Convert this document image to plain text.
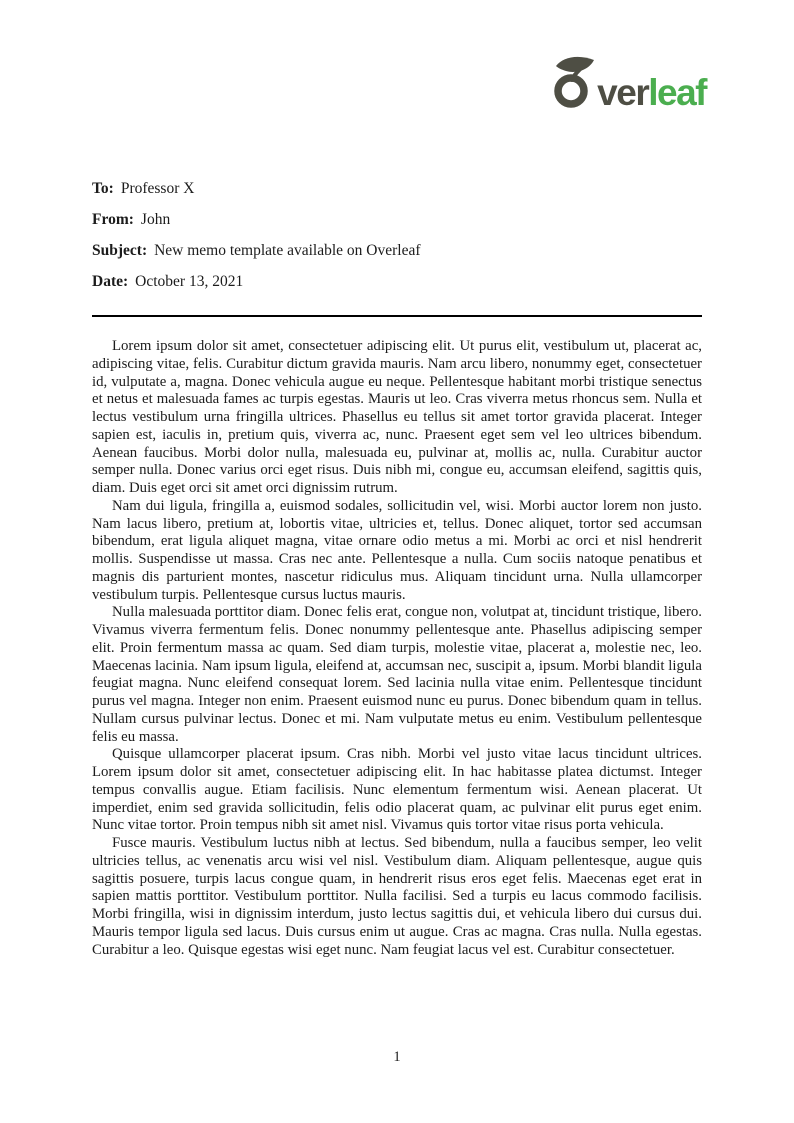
ver leaf
To: Professor X
From: John
Subject: New memo template available on Overleaf
Date: October 13, 2021

Lorem ipsum dolor sit amet, consectetuer adipiscing elit. Ut purus elit, vestibulum ut, placerat ac, adipiscing vitae, felis. Curabitur dictum gravida mauris. Nam arcu libero, nonummy eget, consectetuer id, vulputate a, magna. Donec vehicula augue eu neque. Pellentesque habitant morbi tristique senectus et netus et malesuada fames ac turpis egestas. Mauris ut leo. Cras viverra metus rhoncus sem. Nulla et lectus vestibulum urna fringilla ultrices. Phasellus eu tellus sit amet tortor gravida placerat. Integer sapien est, iaculis in, pretium quis, viverra ac, nunc. Praesent eget sem vel leo ultrices bibendum. Aenean faucibus. Morbi dolor nulla, malesuada eu, pulvinar at, mollis ac, nulla. Curabitur auctor semper nulla. Donec varius orci eget risus. Duis nibh mi, congue eu, accumsan eleifend, sagittis quis, diam. Duis eget orci sit amet orci dignissim rutrum.

Nam dui ligula, fringilla a, euismod sodales, sollicitudin vel, wisi. Morbi auctor lorem non justo. Nam lacus libero, pretium at, lobortis vitae, ultricies et, tellus. Donec aliquet, tortor sed accumsan bibendum, erat ligula aliquet magna, vitae ornare odio metus a mi. Morbi ac orci et nisl hendrerit mollis. Suspendisse ut massa. Cras nec ante. Pellentesque a nulla. Cum sociis natoque penatibus et magnis dis parturient montes, nascetur ridiculus mus. Aliquam tincidunt urna. Nulla ullamcorper vestibulum turpis. Pellentesque cursus luctus mauris.

Nulla malesuada porttitor diam. Donec felis erat, congue non, volutpat at, tincidunt tristique, libero. Vivamus viverra fermentum felis. Donec nonummy pellentesque ante. Phasellus adipiscing semper elit. Proin fermentum massa ac quam. Sed diam turpis, molestie vitae, placerat a, molestie nec, leo. Maecenas lacinia. Nam ipsum ligula, eleifend at, accumsan nec, suscipit a, ipsum. Morbi blandit ligula feugiat magna. Nunc eleifend consequat lorem. Sed lacinia nulla vitae enim. Pellentesque tincidunt purus vel magna. Integer non enim. Praesent euismod nunc eu purus. Donec bibendum quam in tellus. Nullam cursus pulvinar lectus. Donec et mi. Nam vulputate metus eu enim. Vestibulum pellentesque felis eu massa.

Quisque ullamcorper placerat ipsum. Cras nibh. Morbi vel justo vitae lacus tincidunt ultrices. Lorem ipsum dolor sit amet, consectetuer adipiscing elit. In hac habitasse platea dictumst. Integer tempus convallis augue. Etiam facilisis. Nunc elementum fermentum wisi. Aenean placerat. Ut imperdiet, enim sed gravida sollicitudin, felis odio placerat quam, ac pulvinar elit purus eget enim. Nunc vitae tortor. Proin tempus nibh sit amet nisl. Vivamus quis tortor vitae risus porta vehicula.

Fusce mauris. Vestibulum luctus nibh at lectus. Sed bibendum, nulla a faucibus semper, leo velit ultricies tellus, ac venenatis arcu wisi vel nisl. Vestibulum diam. Aliquam pellentesque, augue quis sagittis posuere, turpis lacus congue quam, in hendrerit risus eros eget felis. Maecenas eget erat in sapien mattis porttitor. Vestibulum porttitor. Nulla facilisi. Sed a turpis eu lacus commodo facilisis. Morbi fringilla, wisi in dignissim interdum, justo lectus sagittis dui, et vehicula libero dui cursus dui. Mauris tempor ligula sed lacus. Duis cursus enim ut augue. Cras ac magna. Cras nulla. Nulla egestas. Curabitur a leo. Quisque egestas wisi eget nunc. Nam feugiat lacus vel est. Curabitur consectetuer.

1
